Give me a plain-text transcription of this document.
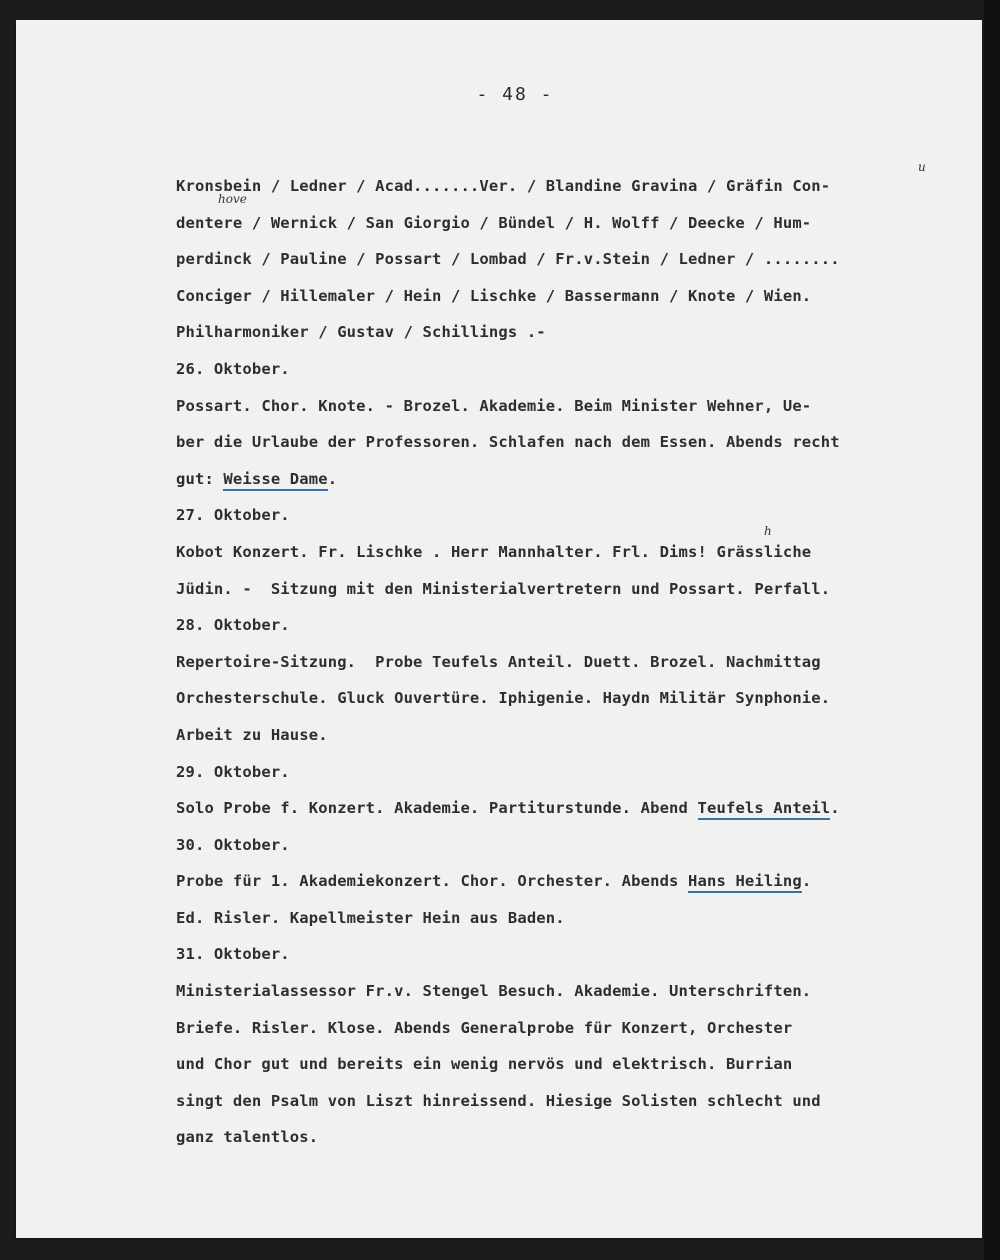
- 48 -
hove
u
h
Kronsbein / Ledner / Acad.......Ver. / Blandine Gravina / Gräfin Con-
dentere / Wernick / San Giorgio / Bündel / H. Wolff / Deecke / Hum-
perdinck / Pauline / Possart / Lombad / Fr.v.Stein / Ledner / ........
Conciger / Hillemaler / Hein / Lischke / Bassermann / Knote / Wien.
Philharmoniker / Gustav / Schillings .-
26. Oktober.
Possart. Chor. Knote. - Brozel. Akademie. Beim Minister Wehner, Ue-
ber die Urlaube der Professoren. Schlafen nach dem Essen. Abends recht
gut: Weisse Dame.
27. Oktober.
Kobot Konzert. Fr. Lischke . Herr Mannhalter. Frl. Dims! Grässliche
Jüdin. -  Sitzung mit den Ministerialvertretern und Possart. Perfall.
28. Oktober.
Repertoire-Sitzung.  Probe Teufels Anteil. Duett. Brozel. Nachmittag
Orchesterschule. Gluck Ouvertüre. Iphigenie. Haydn Militär Synphonie.
Arbeit zu Hause.
29. Oktober.
Solo Probe f. Konzert. Akademie. Partiturstunde. Abend Teufels Anteil.
30. Oktober.
Probe für 1. Akademiekonzert. Chor. Orchester. Abends Hans Heiling.
Ed. Risler. Kapellmeister Hein aus Baden.
31. Oktober.
Ministerialassessor Fr.v. Stengel Besuch. Akademie. Unterschriften.
Briefe. Risler. Klose. Abends Generalprobe für Konzert, Orchester
und Chor gut und bereits ein wenig nervös und elektrisch. Burrian
singt den Psalm von Liszt hinreissend. Hiesige Solisten schlecht und
ganz talentlos.
